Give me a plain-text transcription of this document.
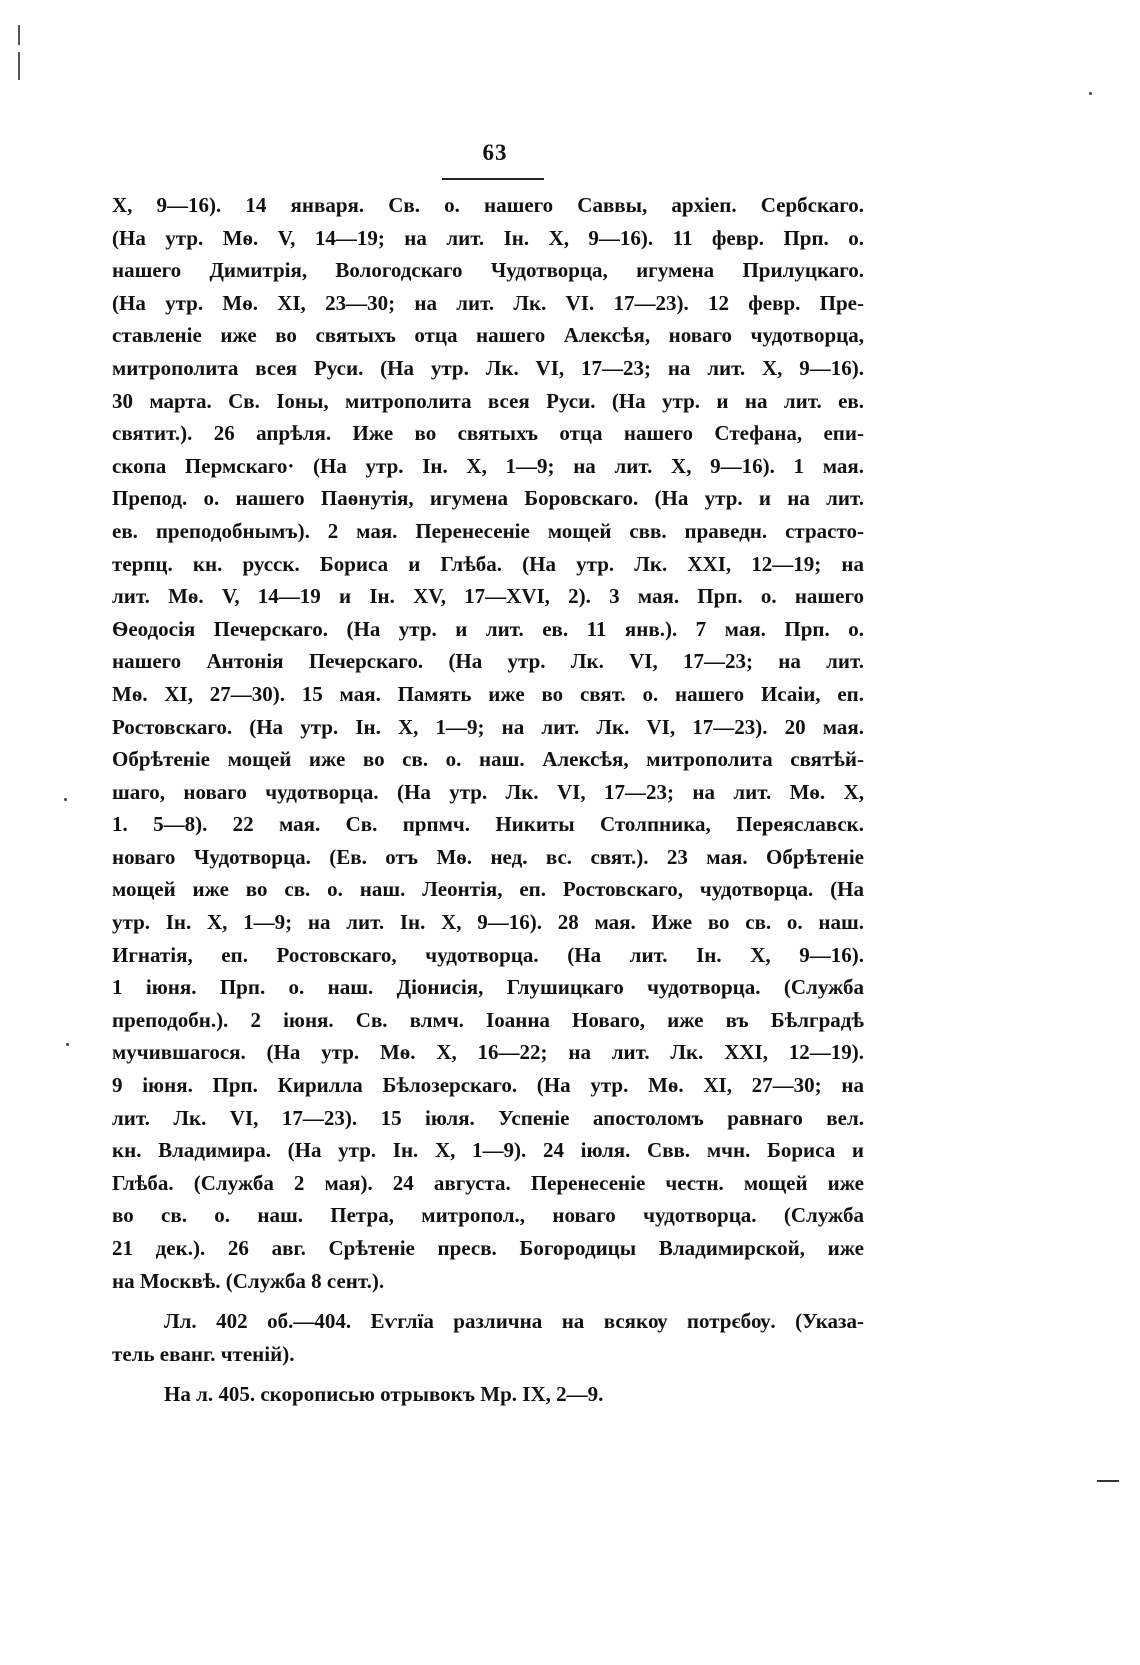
63
X, 9—16). 14 января. Св. о. нашего Саввы, архіеп. Сербскаго.
(На утр. Мѳ. V, 14—19; на лит. Ін. X, 9—16). 11 февр. Прп. о.
нашего Димитрія, Вологодскаго Чудотворца, игумена Прилуцкаго.
(На утр. Мѳ. XI, 23—30; на лит. Лк. VI. 17—23). 12 февр. Пре-
ставленіе иже во святыхъ отца нашего Алексѣя, новаго чудотворца,
митрополита всея Руси. (На утр. Лк. VI, 17—23; на лит. X, 9—16).
30 марта. Св. Іоны, митрополита всея Руси. (На утр. и на лит. ев.
святит.). 26 апрѣля. Иже во святыхъ отца нашего Стефана, епи-
скопа Пермскаго· (На утр. Ін. X, 1—9; на лит. X, 9—16). 1 мая.
Препод. о. нашего Паѳнутія, игумена Боровскаго. (На утр. и на лит.
ев. преподобнымъ). 2 мая. Перенесеніе мощей свв. праведн. страсто-
терпц. кн. русск. Бориса и Глѣба. (На утр. Лк. XXI, 12—19; на
лит. Мѳ. V, 14—19 и Ін. XV, 17—XVI, 2). 3 мая. Прп. о. нашего
Ѳеодосія Печерскаго. (На утр. и лит. ев. 11 янв.). 7 мая. Прп. о.
нашего Антонія Печерскаго. (На утр. Лк. VI, 17—23; на лит.
Мѳ. XI, 27—30). 15 мая. Память иже во свят. о. нашего Исаіи, еп.
Ростовскаго. (На утр. Ін. X, 1—9; на лит. Лк. VI, 17—23). 20 мая.
Обрѣтеніе мощей иже во св. о. наш. Алексѣя, митрополита святѣй-
шаго, новаго чудотворца. (На утр. Лк. VI, 17—23; на лит. Мѳ. X,
1. 5—8). 22 мая. Св. прпмч. Никиты Столпника, Переяславск.
новаго Чудотворца. (Ев. отъ Мѳ. нед. вс. свят.). 23 мая. Обрѣтеніе
мощей иже во св. о. наш. Леонтія, еп. Ростовскаго, чудотворца. (На
утр. Ін. X, 1—9; на лит. Ін. X, 9—16). 28 мая. Иже во св. о. наш.
Игнатія, еп. Ростовскаго, чудотворца. (На лит. Ін. X, 9—16).
1 іюня. Прп. о. наш. Діонисія, Глушицкаго чудотворца. (Служба
преподобн.). 2 іюня. Св. влмч. Іоанна Новаго, иже въ Бѣлградѣ
мучившагося. (На утр. Мѳ. X, 16—22; на лит. Лк. XXI, 12—19).
9 іюня. Прп. Кирилла Бѣлозерскаго. (На утр. Мѳ. XI, 27—30; на
лит. Лк. VI, 17—23). 15 іюля. Успеніе апостоломъ равнаго вел.
кн. Владимира. (На утр. Ін. X, 1—9). 24 іюля. Свв. мчн. Бориса и
Глѣба. (Служба 2 мая). 24 августа. Перенесеніе честн. мощей иже
во св. о. наш. Петра, митропол., новаго чудотворца. (Служба
21 дек.). 26 авг. Срѣтеніе пресв. Богородицы Владимирской, иже
на Москвѣ. (Служба 8 сент.).
Лл. 402 об.—404. Еѵглїа различна на всякѹ потрєбѹ. (Указа-
тель еванг. чтеній).
На л. 405. скорописью отрывокъ Мр. IX, 2—9.
